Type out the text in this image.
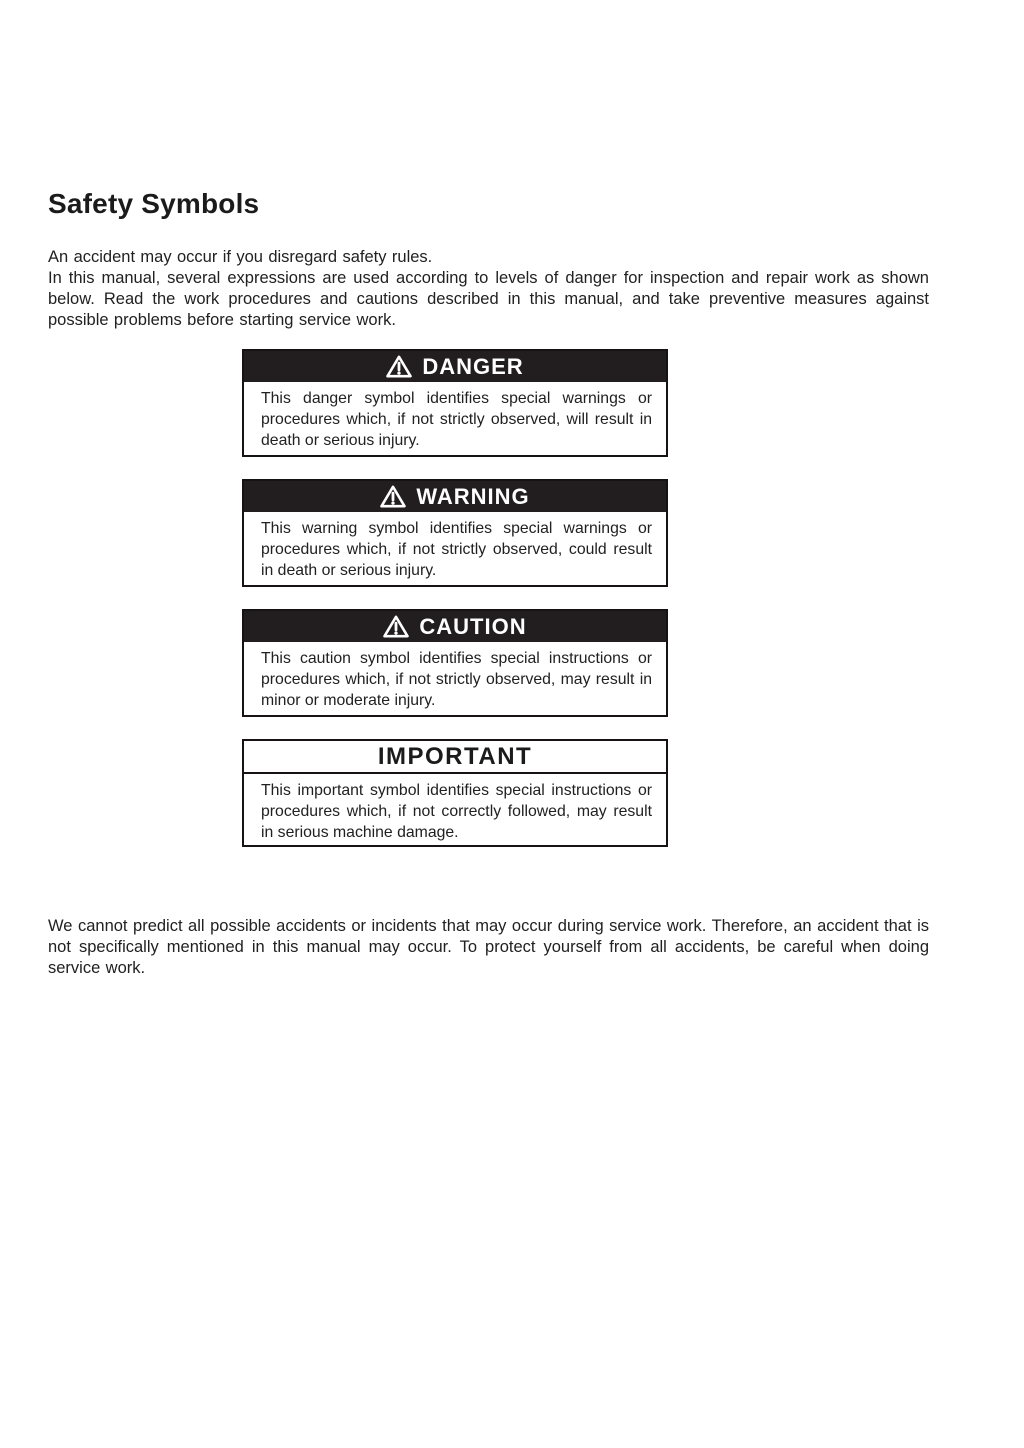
Safety Symbols
An accident may occur if you disregard safety rules.
In this manual, several expressions are used according to levels of danger for inspection and repair work as shown below. Read the work procedures and cautions described in this manual, and take preventive measures against possible problems before starting service work.
DANGER
This danger symbol identifies special warnings or procedures which, if not strictly observed, will result in death or serious injury.
WARNING
This warning symbol identifies special warnings or procedures which, if not strictly observed, could result in death or serious injury.
CAUTION
This caution symbol identifies special instructions or procedures which, if not strictly observed, may result in minor or moderate injury.
IMPORTANT
This important symbol identifies special instructions or procedures which, if not correctly followed, may result in serious machine damage.

We cannot predict all possible accidents or incidents that may occur during service work. Therefore, an accident that is not specifically mentioned in this manual may occur. To protect yourself from all accidents, be careful when doing service work.
